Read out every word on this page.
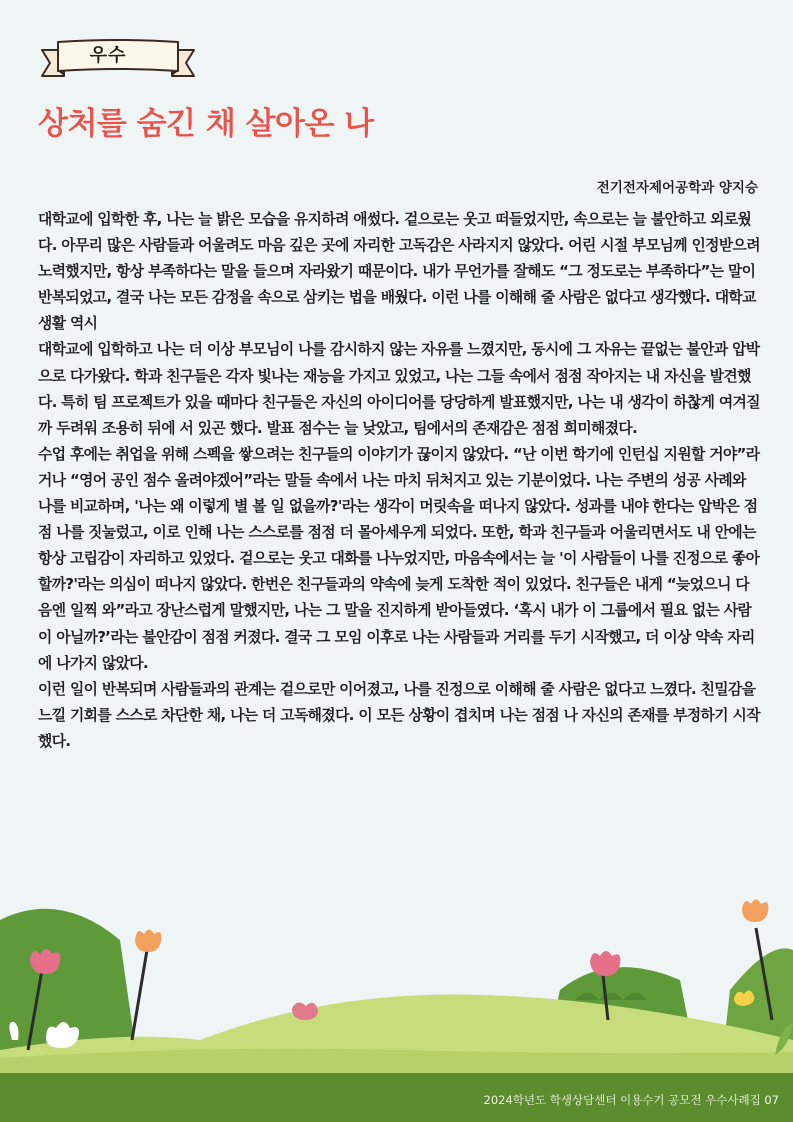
우수
상처를 숨긴 채 살아온 나
전기전자제어공학과 양지승

대학교에 입학한 후, 나는 늘 밝은 모습을 유지하려 애썼다. 겉으로는 웃고 떠들었지만, 속으로는 늘 불안하고 외로웠다. 아무리 많은 사람들과 어울려도 마음 깊은 곳에 자리한 고독감은 사라지지 않았다. 어린 시절 부모님께 인정받으려 노력했지만, 항상 부족하다는 말을 들으며 자라왔기 때문이다. 내가 무언가를 잘해도 “그 정도로는 부족하다”는 말이 반복되었고, 결국 나는 모든 감정을 속으로 삼키는 법을 배웠다. 이런 나를 이해해 줄 사람은 없다고 생각했다. 대학교 생활 역시

대학교에 입학하고 나는 더 이상 부모님이 나를 감시하지 않는 자유를 느꼈지만, 동시에 그 자유는 끝없는 불안과 압박으로 다가왔다. 학과 친구들은 각자 빛나는 재능을 가지고 있었고, 나는 그들 속에서 점점 작아지는 내 자신을 발견했다. 특히 팀 프로젝트가 있을 때마다 친구들은 자신의 아이디어를 당당하게 발표했지만, 나는 내 생각이 하찮게 여겨질까 두려워 조용히 뒤에 서 있곤 했다. 발표 점수는 늘 낮았고, 팀에서의 존재감은 점점 희미해졌다.

수업 후에는 취업을 위해 스펙을 쌓으려는 친구들의 이야기가 끊이지 않았다. “난 이번 학기에 인턴십 지원할 거야”라거나 “영어 공인 점수 올려야겠어”라는 말들 속에서 나는 마치 뒤처지고 있는 기분이었다. 나는 주변의 성공 사례와 나를 비교하며, '나는 왜 이렇게 별 볼 일 없을까?'라는 생각이 머릿속을 떠나지 않았다. 성과를 내야 한다는 압박은 점점 나를 짓눌렀고, 이로 인해 나는 스스로를 점점 더 몰아세우게 되었다. 또한, 학과 친구들과 어울리면서도 내 안에는 항상 고립감이 자리하고 있었다. 겉으로는 웃고 대화를 나누었지만, 마음속에서는 늘 '이 사람들이 나를 진정으로 좋아할까?'라는 의심이 떠나지 않았다. 한번은 친구들과의 약속에 늦게 도착한 적이 있었다. 친구들은 내게 “늦었으니 다음엔 일찍 와”라고 장난스럽게 말했지만, 나는 그 말을 진지하게 받아들였다. ‘혹시 내가 이 그룹에서 필요 없는 사람이 아닐까?’라는 불안감이 점점 커졌다. 결국 그 모임 이후로 나는 사람들과 거리를 두기 시작했고, 더 이상 약속 자리에 나가지 않았다.

이런 일이 반복되며 사람들과의 관계는 겉으로만 이어졌고, 나를 진정으로 이해해 줄 사람은 없다고 느꼈다. 친밀감을 느낄 기회를 스스로 차단한 채, 나는 더 고독해졌다. 이 모든 상황이 겹치며 나는 점점 나 자신의 존재를 부정하기 시작했다.

2024학년도 학생상담센터 이용수기 공모전 우수사례집 07
